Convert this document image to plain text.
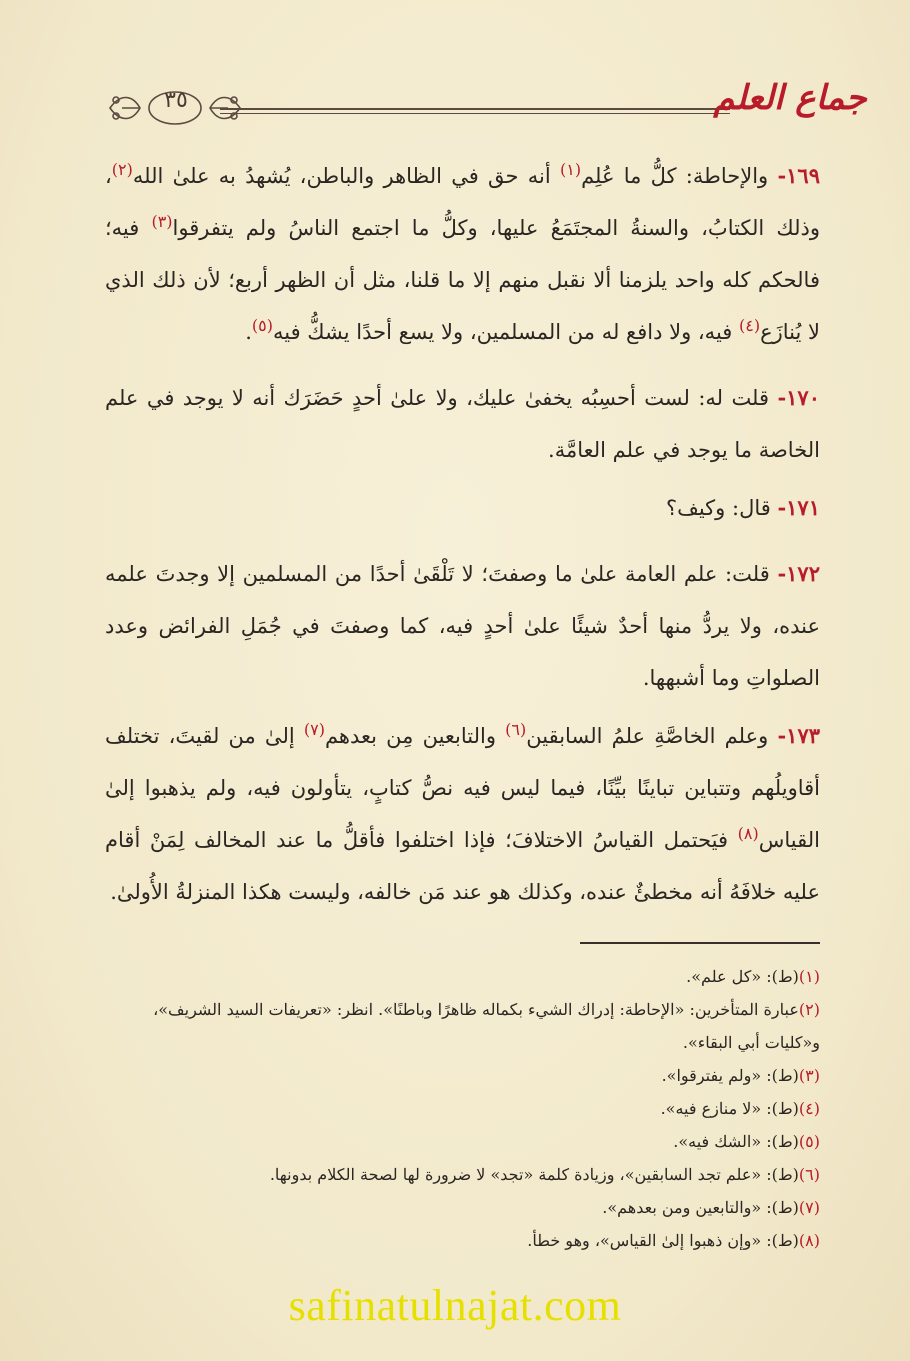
٣٥	جماع العلم

١٦٩- والإحاطة: كلُّ ما عُلِم$^{(١)}$ أنه حق في الظاهر والباطن، يُشهدُ به علىٰ الله$^{(٢)}$، وذلك الكتابُ، والسنةُ المجتَمَعُ عليها، وكلُّ ما اجتمع الناسُ ولم يتفرقوا$^{(٣)}$ فيه؛ فالحكم كله واحد يلزمنا ألا نقبل منهم إلا ما قلنا، مثل أن الظهر أربع؛ لأن ذلك الذي لا يُنازَع$^{(٤)}$ فيه، ولا دافع له من المسلمين، ولا يسع أحدًا يشكُّ فيه$^{(٥)}$.

١٧٠- قلت له: لست أحسِبُه يخفىٰ عليك، ولا علىٰ أحدٍ حَضَرَك أنه لا يوجد في علم الخاصة ما يوجد في علم العامَّة.

١٧١- قال: وكيف؟

١٧٢- قلت: علم العامة علىٰ ما وصفتَ؛ لا تَلْقَىٰ أحدًا من المسلمين إلا وجدتَ علمه عنده، ولا يردُّ منها أحدٌ شيئًا علىٰ أحدٍ فيه، كما وصفتَ في جُمَلِ الفرائض وعدد الصلواتِ وما أشبهها.

١٧٣- وعلم الخاصَّةِ علمُ السابقين$^{(٦)}$ والتابعين مِن بعدهم$^{(٧)}$ إلىٰ من لقيتَ، تختلف أقاويلُهم وتتباين تباينًا بيِّنًا، فيما ليس فيه نصُّ كتابٍ، يتأولون فيه، ولم يذهبوا إلىٰ القياس$^{(٨)}$ فيَحتمل القياسُ الاختلافَ؛ فإذا اختلفوا فأقلُّ ما عند المخالف لِمَنْ أقام عليه خلافَهُ أنه مخطئٌ عنده، وكذلك هو عند مَن خالفه، وليست هكذا المنزلةُ الأُولىٰ.

(١)(ط): «كل علم».

(٢)عبارة المتأخرين: «الإحاطة: إدراك الشيء بكماله ظاهرًا وباطنًا». انظر: «تعريفات السيد الشريف»، و«كليات أبي البقاء».

(٣)(ط): «ولم يفترقوا».

(٤)(ط): «لا منازع فيه».

(٥)(ط): «الشك فيه».

(٦)(ط): «علم تجد السابقين»، وزيادة كلمة «تجد» لا ضرورة لها لصحة الكلام بدونها.

(٧)(ط): «والتابعين ومن بعدهم».

(٨)(ط): «وإن ذهبوا إلىٰ القياس»، وهو خطأ.

safinatulnajat.com
